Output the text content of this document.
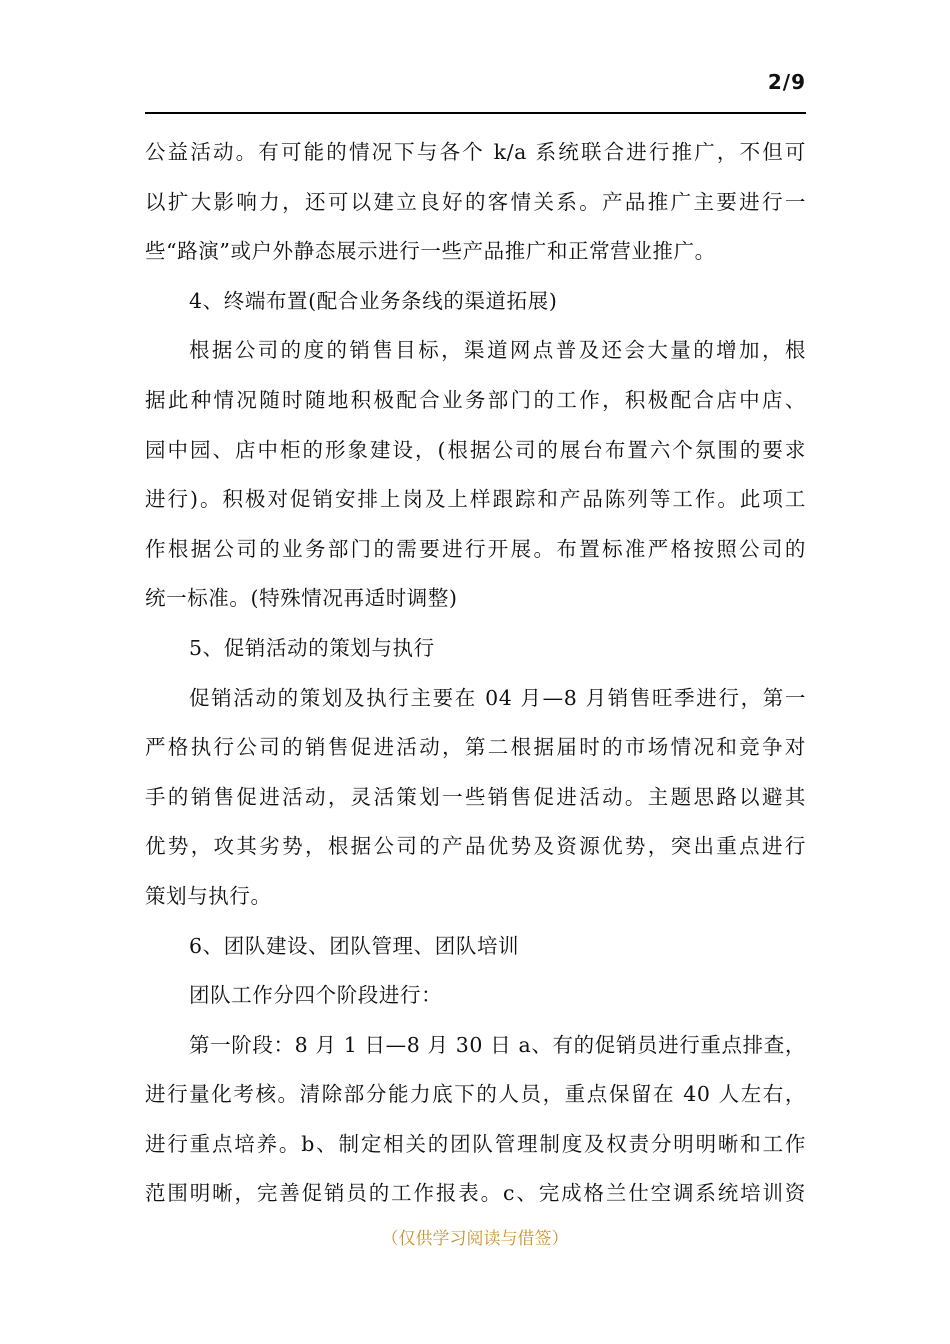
2/9
公益活动。有可能的情况下与各个 k/a 系统联合进行推广，不但可
以扩大影响力，还可以建立良好的客情关系。产品推广主要进行一
些“路演”或户外静态展示进行一些产品推广和正常营业推广。
4、终端布置(配合业务条线的渠道拓展)
根据公司的度的销售目标，渠道网点普及还会大量的增加，根
据此种情况随时随地积极配合业务部门的工作，积极配合店中店、
园中园、店中柜的形象建设，(根据公司的展台布置六个氛围的要求
进行)。积极对促销安排上岗及上样跟踪和产品陈列等工作。此项工
作根据公司的业务部门的需要进行开展。布置标准严格按照公司的
统一标准。(特殊情况再适时调整)
5、促销活动的策划与执行
促销活动的策划及执行主要在 04 月—8 月销售旺季进行，第一
严格执行公司的销售促进活动，第二根据届时的市场情况和竞争对
手的销售促进活动，灵活策划一些销售促进活动。主题思路以避其
优势，攻其劣势，根据公司的产品优势及资源优势，突出重点进行
策划与执行。
6、团队建设、团队管理、团队培训
团队工作分四个阶段进行：
第一阶段：8 月 1 日—8 月 30 日 a、有的促销员进行重点排查，
进行量化考核。清除部分能力底下的人员，重点保留在 40 人左右，
进行重点培养。b、制定相关的团队管理制度及权责分明明晰和工作
范围明晰，完善促销员的工作报表。c、完成格兰仕空调系统培训资
（仅供学习阅读与借签）
